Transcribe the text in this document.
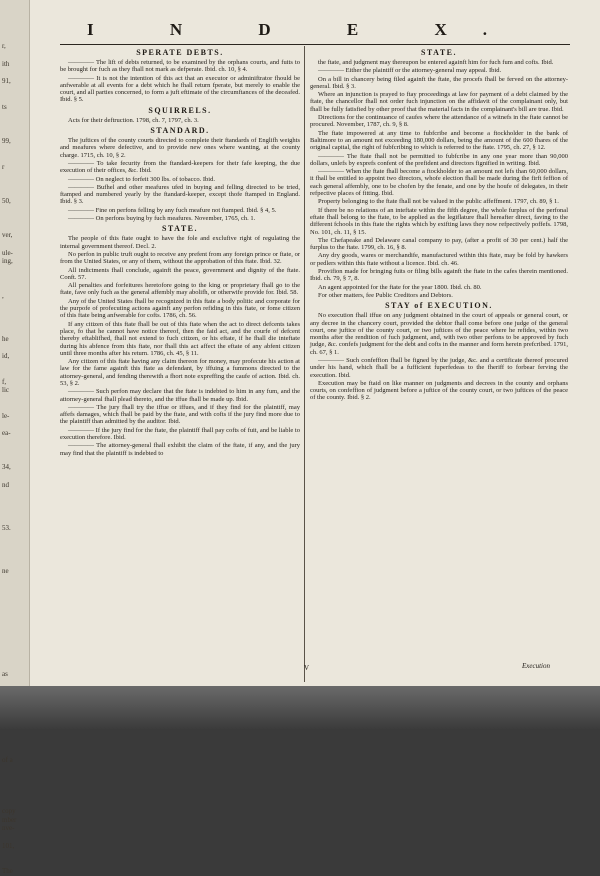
r,
ith
91,
ts
99,
r
50,
ver,
ule-
ing,
,
he
id,
f,
lic
le-
ea-
34,
nd
53.
ne
as
of a
copy
mber
nve-
101,
The
I N D E X.
SPERATE DEBTS.
———— The lift of debts returned, to be examined by the orphans courts, and fuits to be brought for fuch as they fhall not mark as defperate. Ibid. ch. 10, § 4.
———— It is not the intention of this act that an executor or adminiftrator fhould be anfwerable at all events for a debt which he fhall return fperate, but merely to enable the court, and all parties concerned, to form a juft eftimate of the circumftances of the deceafed. Ibid. § 5.
SQUIRRELS.
Acts for their deftruction. 1798, ch. 7, 1797, ch. 3.
STANDARD.
The juftices of the county courts directed to complete their ftandards of Englifh weights and meafures where defective, and to provide new ones where wanting, at the county charge. 1715, ch. 10, § 2.
———— To take fecurity from the ftandard-keepers for their fafe keeping, the due execution of their offices, &c. Ibid.
———— On neglect to forfeit 300 lbs. of tobacco. Ibid.
———— Bufhel and other meafures ufed in buying and felling directed to be tried, ftamped and numbered yearly by the ftandard-keeper, except thofe ftamped in England. Ibid. § 3.
———— Fine on perfons felling by any fuch meafure not ftamped. Ibid. § 4, 5.
———— On perfons buying by fuch meafures. November, 1765, ch. 1.
STATE.
The people of this ftate ought to have the fole and exclufive right of regulating the internal government thereof. Decl. 2.
No perfon in public truft ought to receive any prefent from any foreign prince or ftate, or from the United States, or any of them, without the approbation of this ftate. Ibid. 32.
All indictments fhall conclude, againft the peace, government and dignity of the ftate. Conft. 57.
All penalties and forfeitures heretofore going to the king or proprietary fhall go to the ftate, fave only fuch as the general affembly may abolifh, or otherwife provide for. Ibid. 58.
Any of the United States fhall be recognized in this ftate a body politic and corporate for the purpofe of profecuting actions againft any perfon refiding in this ftate, or fome citizen of this ftate being anfwerable for cofts. 1786, ch. 56.
If any citizen of this ftate fhall be out of this ftate when the act to direct defcents takes place, fo that he cannot have notice thereof, then the faid act, and the courfe of defcent thereby eftablifhed, fhall not extend to fuch citizen, or his eftate, if he fhall die inteftate during his abfence from this ftate, nor fhall this act affect the eftate of any abfent citizen until three months after his return. 1786, ch. 45, § 11.
Any citizen of this ftate having any claim thereon for money, may profecute his action at law for the fame againft this ftate as defendant, by iffuing a fummons directed to the attorney-general, and fending therewith a fhort note expreffing the caufe of action. Ibid. ch. 53, § 2.
———— Such perfon may declare that the ftate is indebted to him in any fum, and the attorney-general fhall plead thereto, and the iffue fhall be made up. Ibid.
———— The jury fhall try the iffue or iffues, and if they find for the plaintiff, may affefs damages, which fhall be paid by the ftate, and with cofts if the jury find more due to the plaintiff than admitted by the auditor. Ibid.
———— If the jury find for the ftate, the plaintiff fhall pay cofts of fuit, and be liable to execution therefore. Ibid.
———— The attorney-general fhall exhibit the claim of the ftate, if any, and the jury may find that the plaintiff is indebted to
STATE.
the ftate, and judgment may thereupon be entered againft him for fuch fum and cofts. Ibid.
———— Either the plaintiff or the attorney-general may appeal. Ibid.
On a bill in chancery being filed againft the ftate, the procefs fhall be ferved on the attorney-general. Ibid. § 3.
Where an injunction is prayed to ftay proceedings at law for payment of a debt claimed by the ftate, the chancellor fhall not order fuch injunction on the affidavit of the complainant only, but fhall be fully fatisfied by other proof that the material facts in the complainant's bill are true. Ibid.
Directions for the continuance of caufes where the attendance of a witnefs in the ftate cannot be procured. November, 1787, ch. 9, § 8.
The ftate impowered at any time to fubfcribe and become a ftockholder in the bank of Baltimore to an amount not exceeding 180,000 dollars, being the amount of the 600 fhares of the original capital, the right of fubfcribing to which is referred to the ftate. 1795, ch. 27, § 12.
———— The ftate fhall not be permitted to fubfcribe in any one year more than 90,000 dollars, unlefs by exprefs confent of the prefident and directors fignified in writing. Ibid.
———— When the ftate fhall become a ftockholder to an amount not lefs than 60,000 dollars, it fhall be entitled to appoint two directors, whofe election fhall be made during the firft feffion of each general affembly, one to be chofen by the fenate, and one by the houfe of delegates, in their refpective places of fitting. Ibid.
Property belonging to the ftate fhall not be valued in the public affeffment. 1797, ch. 89, § 1.
If there be no relations of an inteftate within the fifth degree, the whole furplus of the perfonal eftate fhall belong to the ftate, to be applied as the legiflature fhall hereafter direct, faving to the different fchools in this ftate the rights which by exifting laws they now refpectively poffefs. 1798, No. 101, ch. 11, § 15.
The Chefapeake and Delaware canal company to pay, (after a profit of 30 per cent.) half the furplus to the ftate. 1799, ch. 16, § 8.
Any dry goods, wares or merchandife, manufactured within this ftate, may be fold by hawkers or pedlers within this ftate without a licence. Ibid. ch. 46.
Provifion made for bringing fuits or filing bills againft the ftate in the cafes therein mentioned. Ibid. ch. 79, § 7, 8.
An agent appointed for the ftate for the year 1800. Ibid. ch. 80.
For other matters, fee Public Creditors and Debtors.
STAY of EXECUTION.
No execution fhall iffue on any judgment obtained in the court of appeals or general court, or any decree in the chancery court, provided the debtor fhall come before one judge of the general court, one juftice of the county court, or two juftices of the peace where he refides, within two months after the rendition of fuch judgment, and, with two other perfons to be approved by fuch judge, &c. confefs judgment for the debt and cofts in the manner and form herein prefcribed. 1791, ch. 67, § 1.
———— Such confeffion fhall be figned by the judge, &c. and a certificate thereof procured under his hand, which fhall be a fufficient fuperfedeas to the fheriff to forbear ferving the execution. Ibid.
Execution may be ftaid on like manner on judgments and decrees in the county and orphans courts, on confeffion of judgment before a juftice of the county court, or two juftices of the peace of the county. Ibid. § 2.
V	Execution
